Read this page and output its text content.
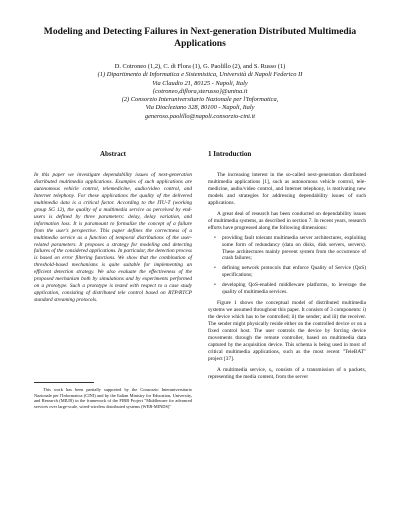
Modeling and Detecting Failures in Next-generation Distributed Multimedia Applications
D. Cotroneo (1,2), C. di Flora (1), G. Paolillo (2), and S. Russo (1)
(1) Dipartimento di Informatica e Sistemistica, Università di Napoli Federico II
Via Claudio 21, 80125 - Napoli, Italy
{cotroneo,diflora,sterusso}@unina.it
(2) Consorzio Interuniversitario Nazionale per l'Informatica,
Via Diocleziano 328, 80100 - Napoli, Italy
generoso.paolillo@napoli.consorzio-cini.it
Abstract

In this paper we investigate dependability issues of next-generation distributed multimedia applications. Examples of such applications are autonomous vehicle control, telemedicine, audio/video control, and Internet telephony. For these applications the quality of the delivered multimedia data is a critical factor. According to the ITU-T (working group SG 12), the quality of a multimedia service as perceived by end-users is defined by three parameters: delay, delay variation, and information loss. It is paramount to formalize the concept of a failure from the user's perspective. This paper defines the correctness of a multimedia service as a function of temporal distributions of the user-related parameters. It proposes a strategy for modeling and detecting failures of the considered applications. In particular, the detection process is based on error filtering functions. We show that the combination of threshold-based mechanisms is quite suitable for implementing an efficient detection strategy. We also evaluate the effectiveness of the proposed mechanism both by simulations and by experiments performed on a prototype. Such a prototype is tested with respect to a case study application, consisting of distributed tele control based on RTP/RTCP standard streaming protocols.

This work has been partially supported by the Consorzio Interuniversitario Nazionale per l'Informatica (CINI) and by the Italian Ministry for Education, University, and Research (MIUR) in the framework of the FIRB Project "Middleware for advanced services over large-scale, wired-wireless distributed systems (WEB-MINDS)"

1 Introduction

The increasing interest in the so-called next-generation distributed multimedia applications [1], such as autonomous vehicle control, tele-medicine, audio/video control, and Internet telephony, is motivating new models and strategies for addressing dependability issues of such applications.

A great deal of research has been conducted on dependability issues of multimedia systems, as described in section 7. In recent years, research efforts have progressed along the following dimensions:

• providing fault tolerant multimedia server architectures, exploiting some form of redundancy (data on disks, disk servers, servers). These architectures mainly prevent system from the occurrence of crash failures;
• defining network protocols that enforce Quality of Service (QoS) specifications;
• developing QoS-enabled middleware platforms, to leverage the quality of multimedia services.

Figure 1 shows the conceptual model of distributed multimedia systems we assumed throughout this paper. It consists of 3 components: i) the device which has to be controlled; ii) the sender; and iii) the receiver. The sender might physically reside either on the controlled device or on a fixed control host. The user controls the device by forcing device movements through the remote controller, based on multimedia data captured by the acquisition device. This schema is being used in most of critical multimedia applications, such as the most recent "TeleBAT" project [37].

A multimedia service, sᵢ, consists of a transmission of n packets, representing the media content, from the server
